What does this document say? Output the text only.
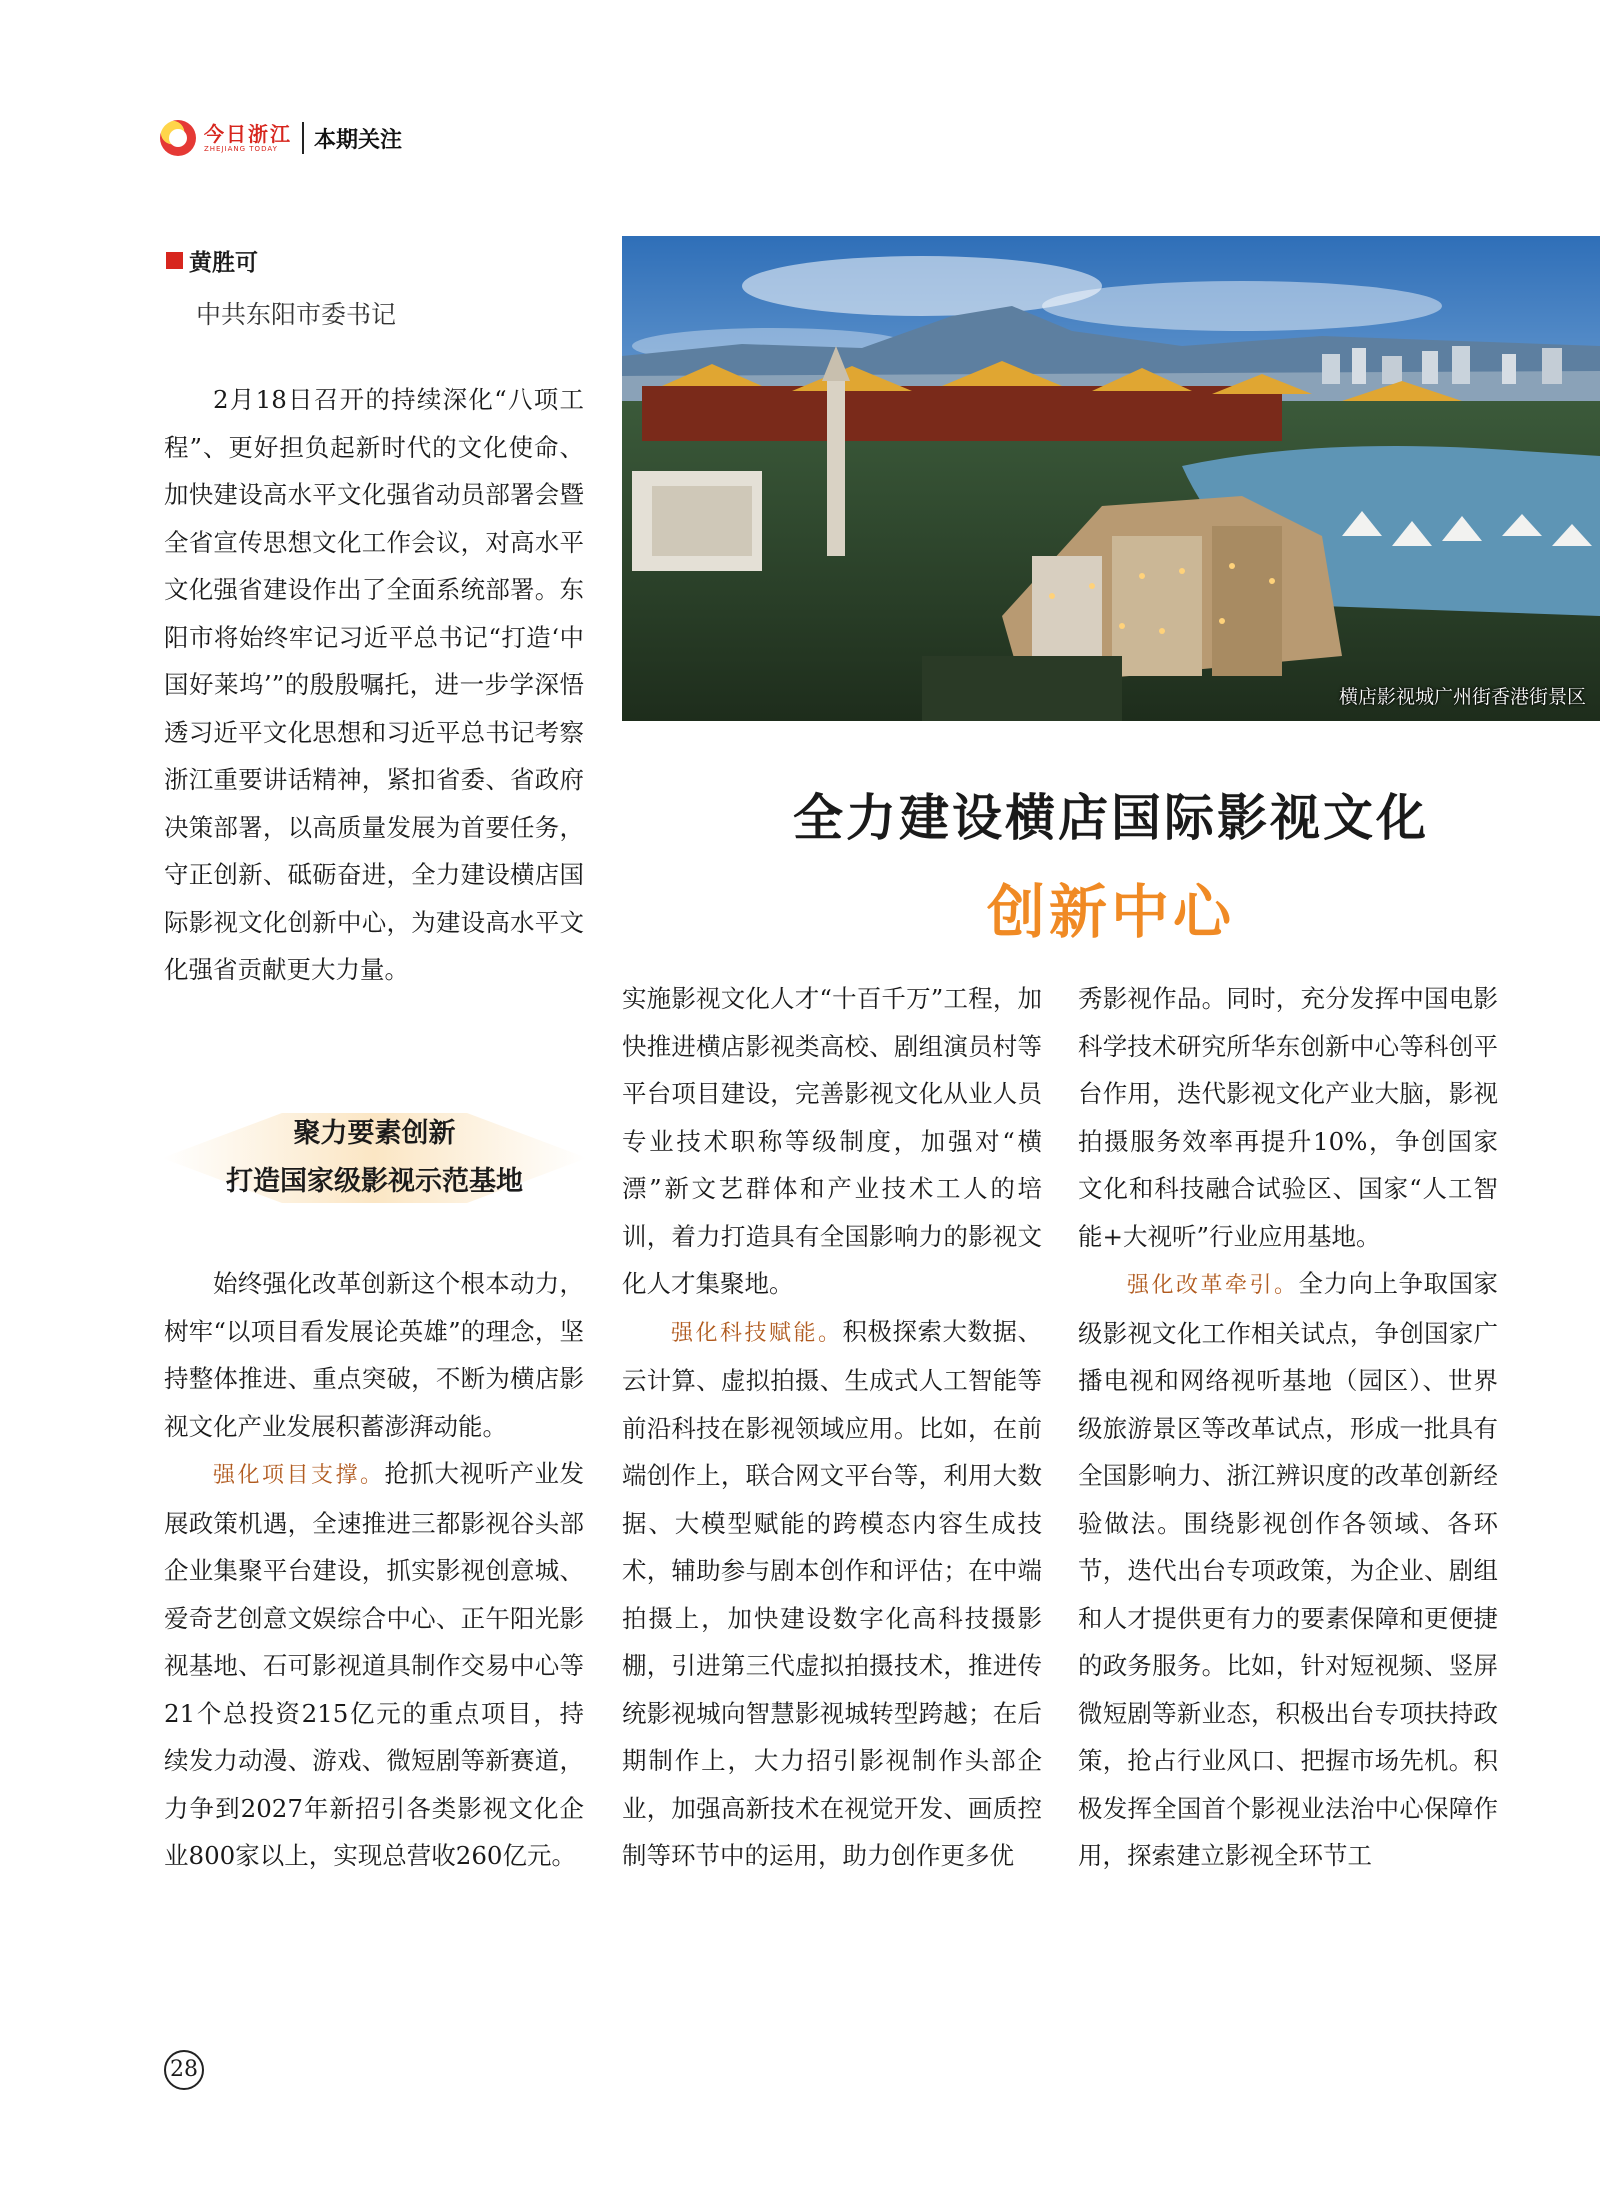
今日浙江
ZHEJIANG TODAY	本期关注
黄胜可
中共东阳市委书记

2月18日召开的持续深化“八项工程”、更好担负起新时代的文化使命、加快建设高水平文化强省动员部署会暨全省宣传思想文化工作会议，对高水平文化强省建设作出了全面系统部署。东阳市将始终牢记习近平总书记“打造‘中国好莱坞’”的殷殷嘱托，进一步学深悟透习近平文化思想和习近平总书记考察浙江重要讲话精神，紧扣省委、省政府决策部署，以高质量发展为首要任务，守正创新、砥砺奋进，全力建设横店国际影视文化创新中心，为建设高水平文化强省贡献更大力量。

聚力要素创新
打造国家级影视示范基地

始终强化改革创新这个根本动力，树牢“以项目看发展论英雄”的理念，坚持整体推进、重点突破，不断为横店影视文化产业发展积蓄澎湃动能。

强化项目支撑。抢抓大视听产业发展政策机遇，全速推进三都影视谷头部企业集聚平台建设，抓实影视创意城、爱奇艺创意文娱综合中心、正午阳光影视基地、石可影视道具制作交易中心等21个总投资215亿元的重点项目，持续发力动漫、游戏、微短剧等新赛道，力争到2027年新招引各类影视文化企业800家以上，实现总营收260亿元。

横店影视城广州街香港街景区
全力建设横店国际影视文化
创新中心

实施影视文化人才“十百千万”工程，加快推进横店影视类高校、剧组演员村等平台项目建设，完善影视文化从业人员专业技术职称等级制度，加强对“横漂”新文艺群体和产业技术工人的培训，着力打造具有全国影响力的影视文化人才集聚地。

强化科技赋能。积极探索大数据、云计算、虚拟拍摄、生成式人工智能等前沿科技在影视领域应用。比如，在前端创作上，联合网文平台等，利用大数据、大模型赋能的跨模态内容生成技术，辅助参与剧本创作和评估；在中端拍摄上，加快建设数字化高科技摄影棚，引进第三代虚拟拍摄技术，推进传统影视城向智慧影视城转型跨越；在后期制作上，大力招引影视制作头部企业，加强高新技术在视觉开发、画质控制等环节中的运用，助力创作更多优

秀影视作品。同时，充分发挥中国电影科学技术研究所华东创新中心等科创平台作用，迭代影视文化产业大脑，影视拍摄服务效率再提升10%，争创国家文化和科技融合试验区、国家“人工智能+大视听”行业应用基地。

强化改革牵引。全力向上争取国家级影视文化工作相关试点，争创国家广播电视和网络视听基地（园区）、世界级旅游景区等改革试点，形成一批具有全国影响力、浙江辨识度的改革创新经验做法。围绕影视创作各领域、各环节，迭代出台专项政策，为企业、剧组和人才提供更有力的要素保障和更便捷的政务服务。比如，针对短视频、竖屏微短剧等新业态，积极出台专项扶持政策，抢占行业风口、把握市场先机。积极发挥全国首个影视业法治中心保障作用，探索建立影视全环节工

28
